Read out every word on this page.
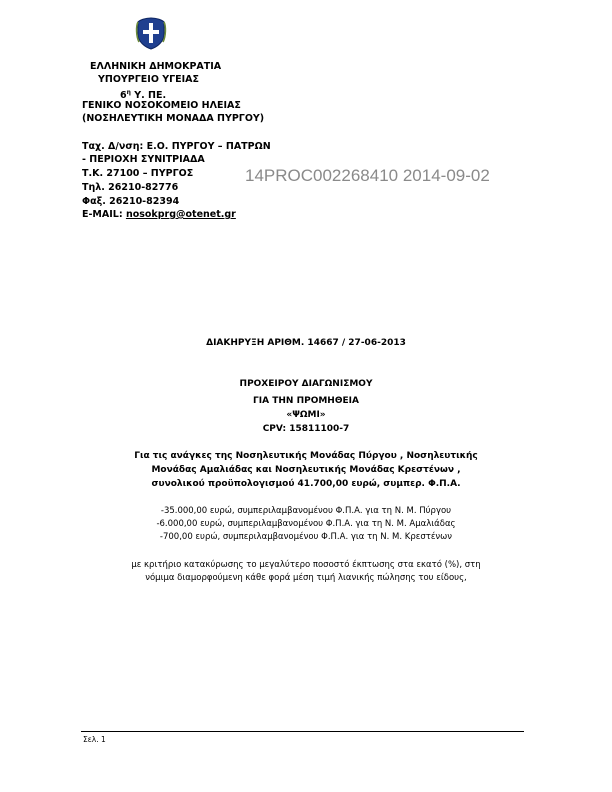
ΕΛΛΗΝΙΚΗ ΔΗΜΟΚΡΑΤΙΑ
ΥΠΟΥΡΓΕΙΟ ΥΓΕΙΑΣ
$6^\eta$ Υ. ΠΕ.
ΓΕΝΙΚΟ ΝΟΣΟΚΟΜΕΙΟ ΗΛΕΙΑΣ
(ΝΟΣΗΛΕΥΤΙΚΗ ΜΟΝΑΔΑ ΠΥΡΓΟΥ)
Ταχ. Δ/νση: Ε.Ο. ΠΥΡΓΟΥ – ΠΑΤΡΩΝ
- ΠΕΡΙΟΧΗ ΣΥΝΙΤΡΙΑΔΑ
Τ.Κ. 27100 – ΠΥΡΓΟΣ
Τηλ. 26210-82776
Φαξ. 26210-82394
E-MAIL: nosokprg@otenet.gr
14PROC002268410 2014-09-02
ΔΙΑΚΗΡΥΞΗ ΑΡΙΘΜ. 14667 / 27-06-2013
ΠΡΟΧΕΙΡΟΥ ΔΙΑΓΩΝΙΣΜΟΥ
ΓΙΑ ΤΗΝ ΠΡΟΜΗΘΕΙΑ
«ΨΩΜΙ»
CPV: 15811100-7
Για τις ανάγκες της Νοσηλευτικής Μονάδας Πύργου , Νοσηλευτικής
Μονάδας Αμαλιάδας και Νοσηλευτικής Μονάδας Κρεστένων ,
συνολικού προϋπολογισμού 41.700,00 ευρώ, συμπερ. Φ.Π.Α.
-35.000,00 ευρώ, συμπεριλαμβανομένου Φ.Π.Α. για τη Ν. Μ. Πύργου
-6.000,00 ευρώ, συμπεριλαμβανομένου Φ.Π.Α. για τη Ν. Μ. Αμαλιάδας
-700,00 ευρώ, συμπεριλαμβανομένου Φ.Π.Α. για τη Ν. Μ. Κρεστένων
με κριτήριο κατακύρωσης το μεγαλύτερο ποσοστό έκπτωσης στα εκατό (%), στη
νόμιμα διαμορφούμενη κάθε φορά μέση τιμή λιανικής πώλησης του είδους,
Σελ. 1
